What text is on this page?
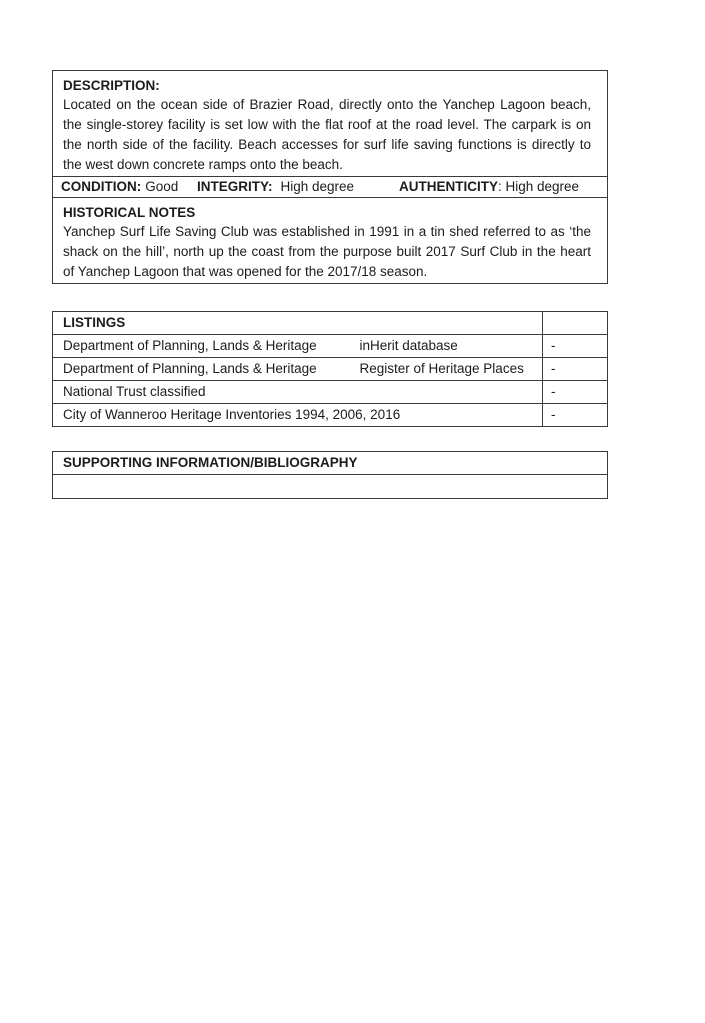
DESCRIPTION:

Located on the ocean side of Brazier Road, directly onto the Yanchep Lagoon beach, the single-storey facility is set low with the flat roof at the road level. The carpark is on the north side of the facility. Beach accesses for surf life saving functions is directly to the west down concrete ramps onto the beach.

CONDITION: Good INTEGRITY: High degree	AUTHENTICITY: High degree
HISTORICAL NOTES

Yanchep Surf Life Saving Club was established in 1991 in a tin shed referred to as ‘the shack on the hill’, north up the coast from the purpose built 2017 Surf Club in the heart of Yanchep Lagoon that was opened for the 2017/18 season.

LISTINGS
Department of Planning, Lands & Heritage	inHerit database	-
Department of Planning, Lands & Heritage	Register of Heritage Places	-
National Trust classified	-
City of Wanneroo Heritage Inventories 1994, 2006, 2016	-
SUPPORTING INFORMATION/BIBLIOGRAPHY
